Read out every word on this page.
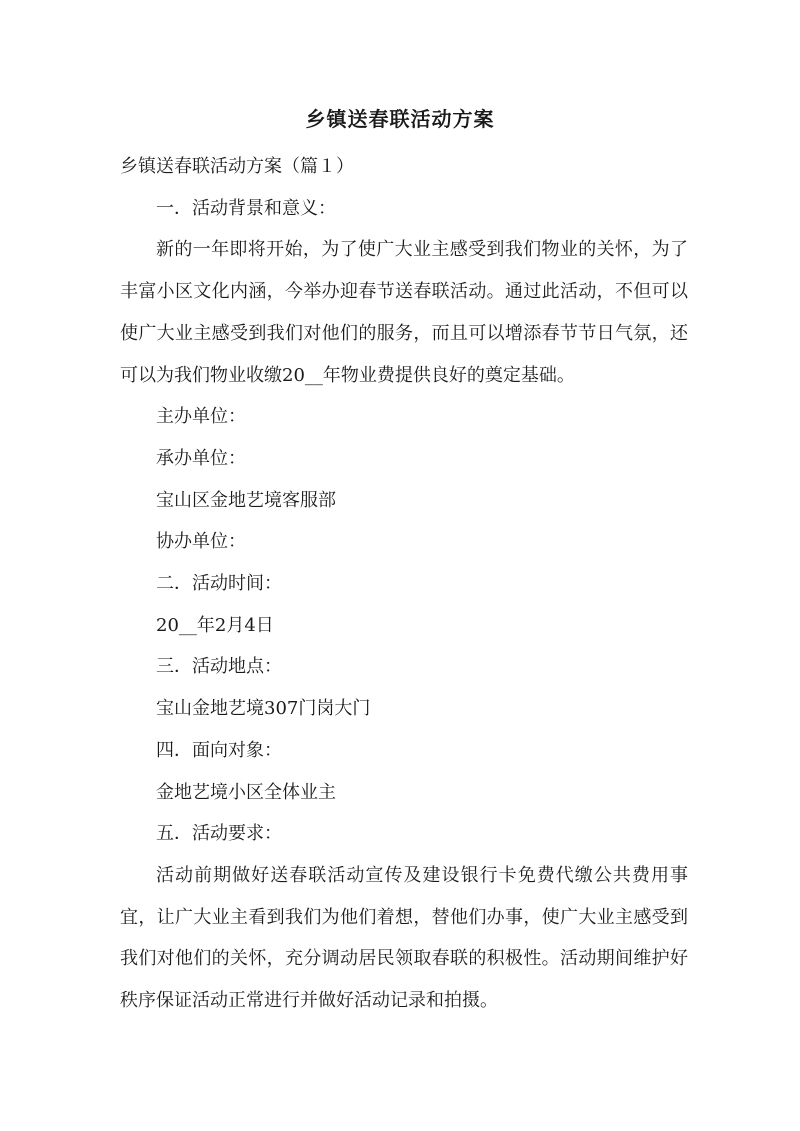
乡镇送春联活动方案

乡镇送春联活动方案（篇１）

一．活动背景和意义：

新的一年即将开始，为了使广大业主感受到我们物业的关怀，为了丰富小区文化内涵，今举办迎春节送春联活动。通过此活动，不但可以使广大业主感受到我们对他们的服务，而且可以增添春节节日气氛，还可以为我们物业收缴20__年物业费提供良好的奠定基础。

主办单位：

承办单位：

宝山区金地艺境客服部

协办单位：

二．活动时间：

20__年2月4日

三．活动地点：

宝山金地艺境307门岗大门

四．面向对象：

金地艺境小区全体业主

五．活动要求：

活动前期做好送春联活动宣传及建设银行卡免费代缴公共费用事宜，让广大业主看到我们为他们着想，替他们办事，使广大业主感受到我们对他们的关怀，充分调动居民领取春联的积极性。活动期间维护好秩序保证活动正常进行并做好活动记录和拍摄。
